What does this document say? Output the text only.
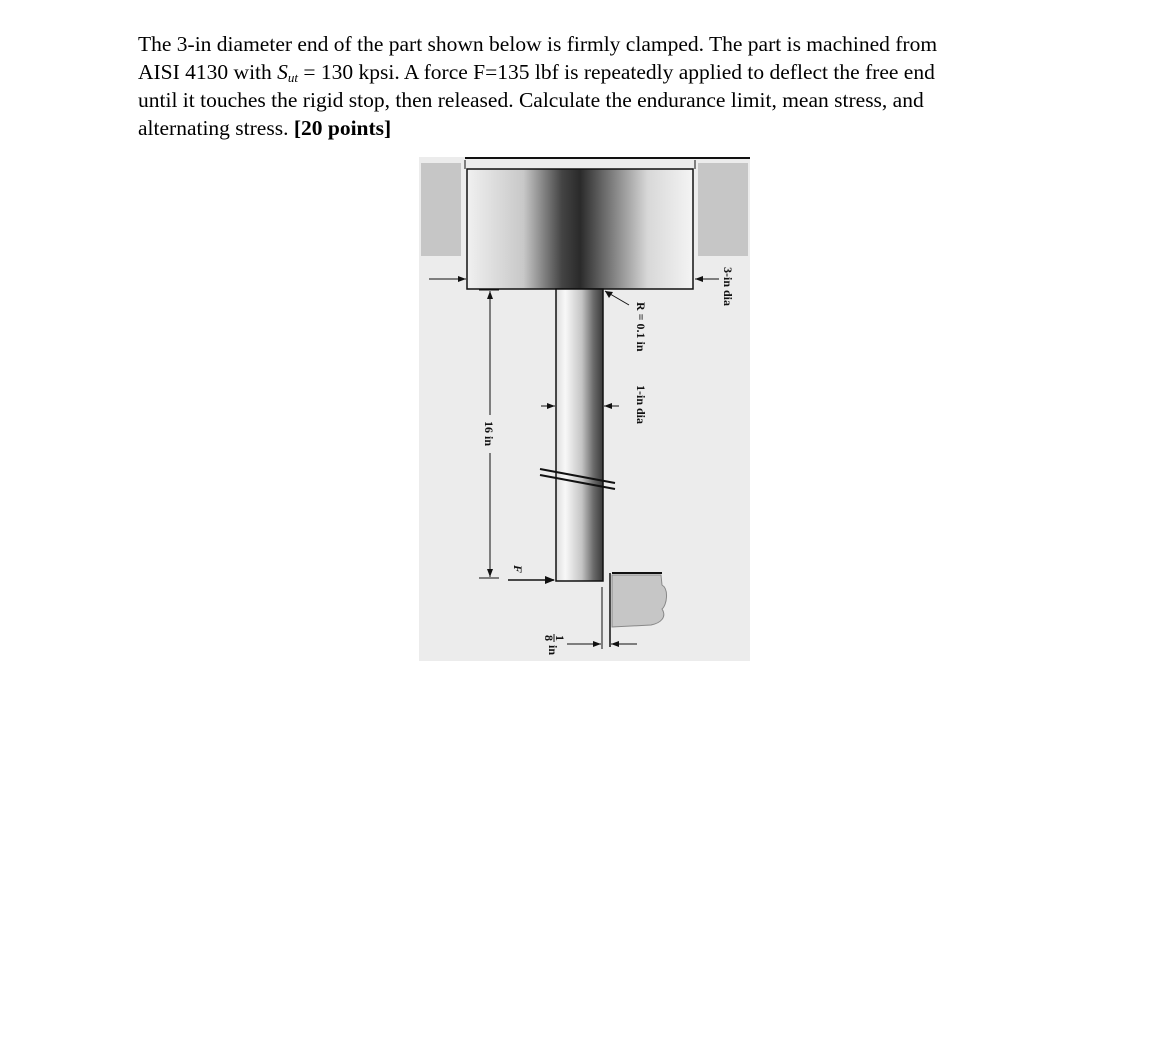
The 3-in diameter end of the part shown below is firmly clamped. The part is machined from
AISI 4130 with $S_{ut} = 130$ kpsi. A force F=135 lbf is repeatedly applied to deflect the free end
until it touches the rigid stop, then released. Calculate the endurance limit, mean stress, and
alternating stress. [20 points]
3-in dia
R = 0.1 in
1-in dia
16 in
F
1
8
in
